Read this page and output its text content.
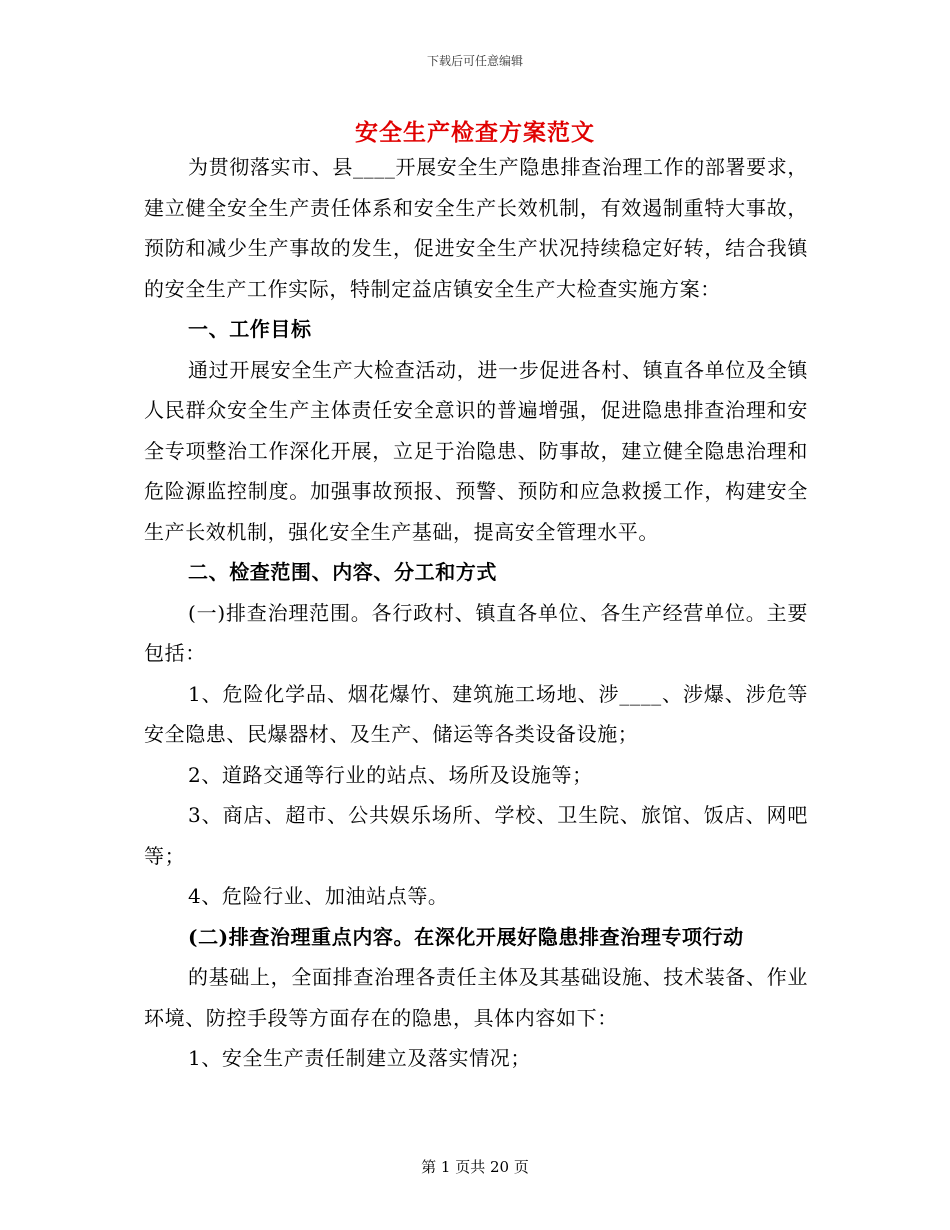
下载后可任意编辑
安全生产检查方案范文

为贯彻落实市、县____开展安全生产隐患排查治理工作的部署要求，建立健全安全生产责任体系和安全生产长效机制，有效遏制重特大事故，预防和减少生产事故的发生，促进安全生产状况持续稳定好转，结合我镇的安全生产工作实际，特制定益店镇安全生产大检查实施方案：

一、工作目标

通过开展安全生产大检查活动，进一步促进各村、镇直各单位及全镇人民群众安全生产主体责任安全意识的普遍增强，促进隐患排查治理和安全专项整治工作深化开展，立足于治隐患、防事故，建立健全隐患治理和危险源监控制度。加强事故预报、预警、预防和应急救援工作，构建安全生产长效机制，强化安全生产基础，提高安全管理水平。

二、检查范围、内容、分工和方式

(一)排查治理范围。各行政村、镇直各单位、各生产经营单位。主要包括：

1、危险化学品、烟花爆竹、建筑施工场地、涉____、涉爆、涉危等安全隐患、民爆器材、及生产、储运等各类设备设施；

2、道路交通等行业的站点、场所及设施等；

3、商店、超市、公共娱乐场所、学校、卫生院、旅馆、饭店、网吧等；

4、危险行业、加油站点等。

(二)排查治理重点内容。在深化开展好隐患排查治理专项行动

的基础上，全面排查治理各责任主体及其基础设施、技术装备、作业环境、防控手段等方面存在的隐患，具体内容如下：

1、安全生产责任制建立及落实情况；

第 1 页共 20 页
